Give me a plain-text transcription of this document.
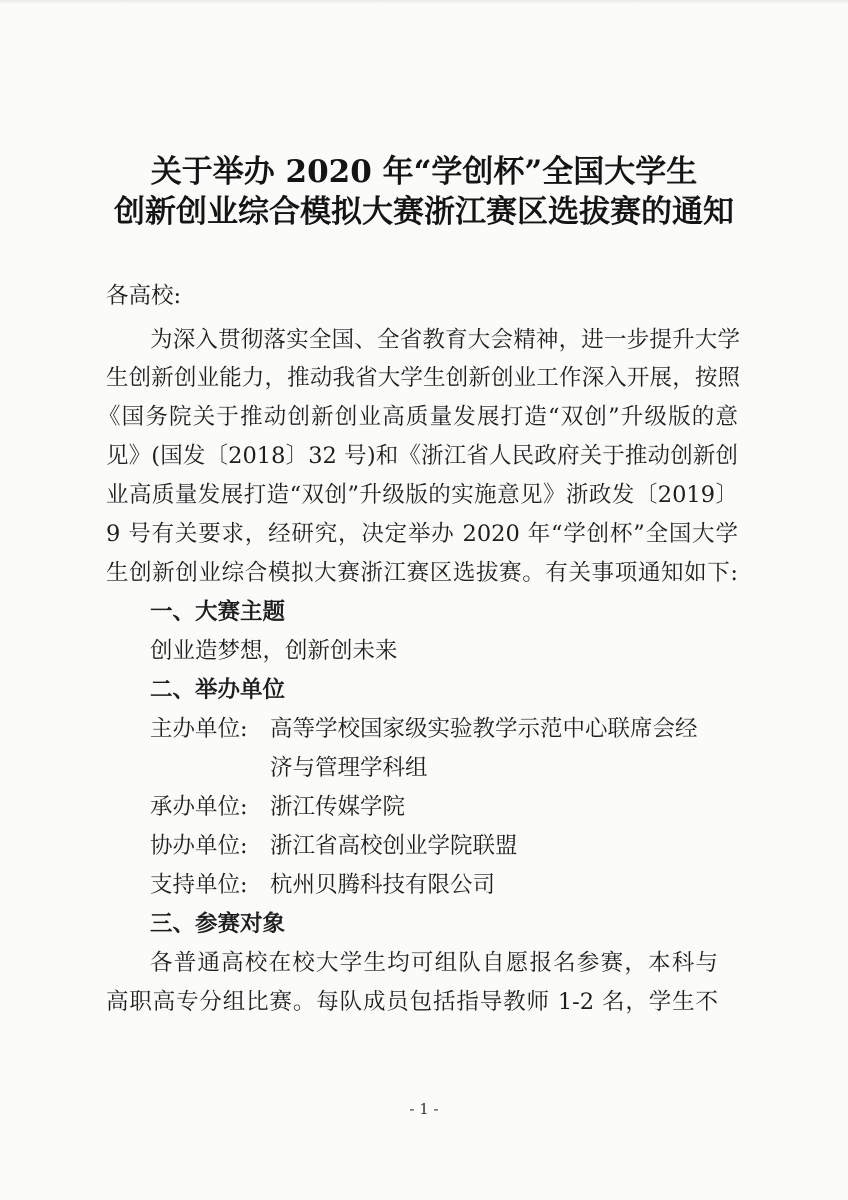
关于举办 2020 年“学创杯”全国大学生
创新创业综合模拟大赛浙江赛区选拔赛的通知
各高校:
为深入贯彻落实全国、全省教育大会精神，进一步提升大学
生创新创业能力，推动我省大学生创新创业工作深入开展，按照
《国务院关于推动创新创业高质量发展打造“双创”升级版的意
见》(国发〔2018〕32 号)和《浙江省人民政府关于推动创新创
业高质量发展打造“双创”升级版的实施意见》浙政发〔2019〕
9 号有关要求，经研究，决定举办 2020 年“学创杯”全国大学
生创新创业综合模拟大赛浙江赛区选拔赛。有关事项通知如下:
一、大赛主题
创业造梦想，创新创未来
二、举办单位
主办单位: 高等学校国家级实验教学示范中心联席会经
济与管理学科组
承办单位: 浙江传媒学院
协办单位: 浙江省高校创业学院联盟
支持单位: 杭州贝腾科技有限公司
三、参赛对象
各普通高校在校大学生均可组队自愿报名参赛，本科与
高职高专分组比赛。每队成员包括指导教师 1-2 名，学生不
- 1 -
